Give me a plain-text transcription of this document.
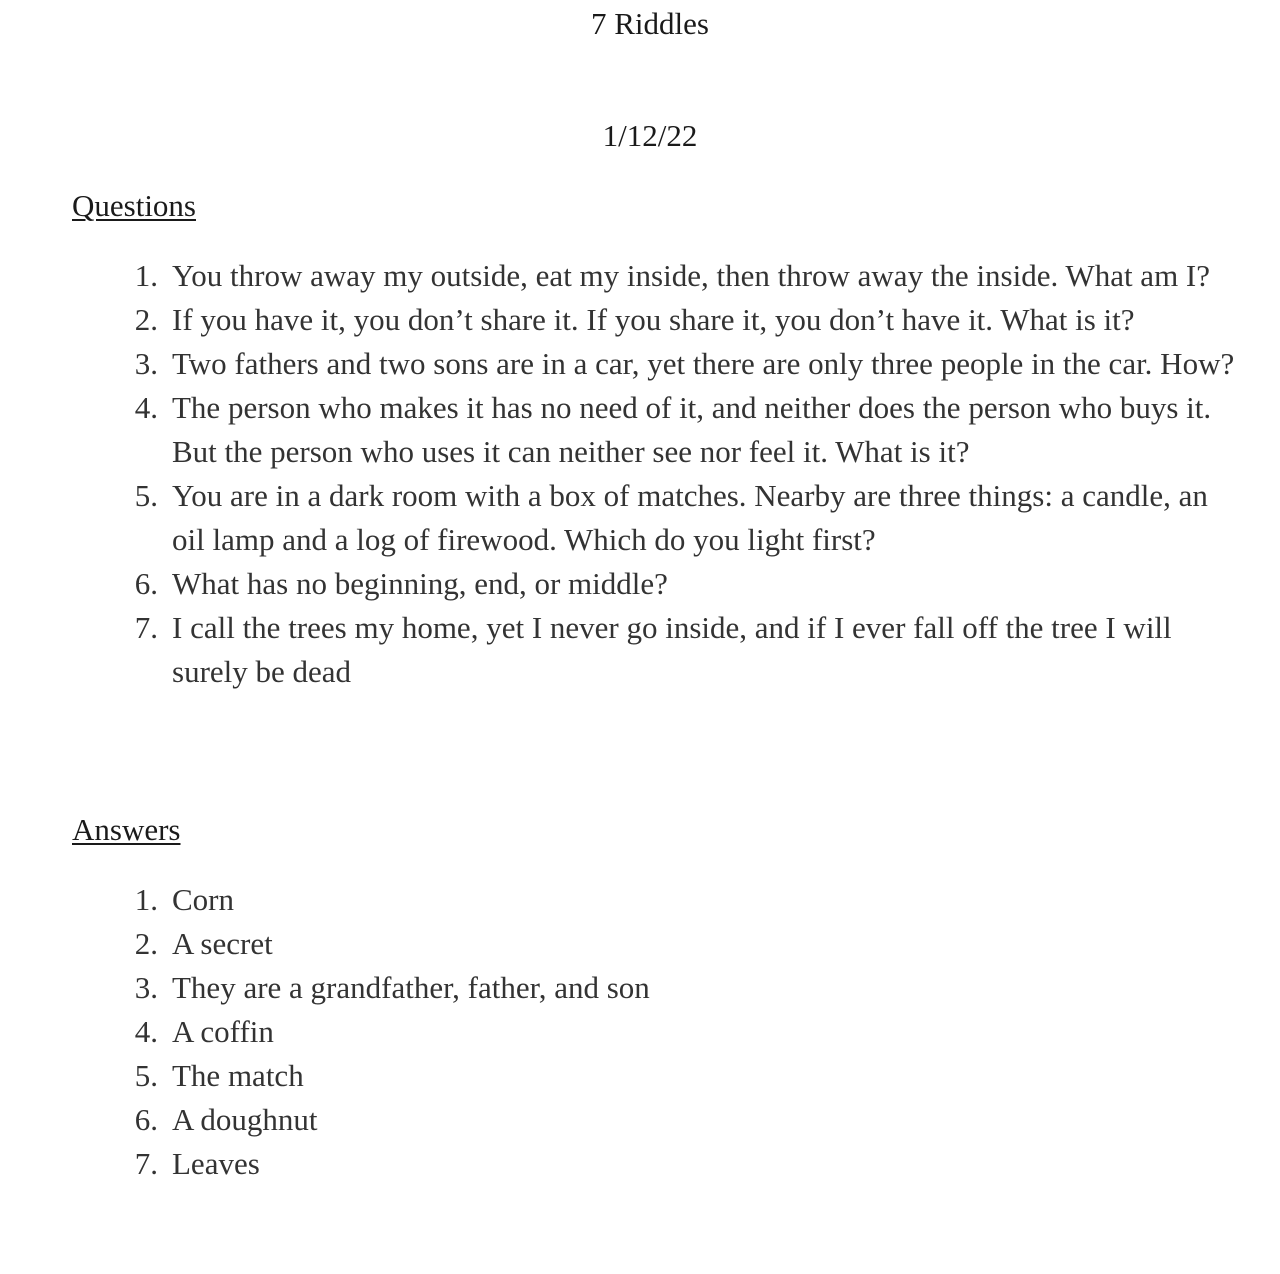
7 Riddles
1/12/22
Questions
1. You throw away my outside, eat my inside, then throw away the inside. What am I?
2. If you have it, you don’t share it. If you share it, you don’t have it. What is it?
3. Two fathers and two sons are in a car, yet there are only three people in the car. How?
4. The person who makes it has no need of it, and neither does the person who buys it. But the person who uses it can neither see nor feel it. What is it?
5. You are in a dark room with a box of matches. Nearby are three things: a candle, an oil lamp and a log of firewood. Which do you light first?
6. What has no beginning, end, or middle?
7. I call the trees my home, yet I never go inside, and if I ever fall off the tree I will surely be dead
Answers
1. Corn
2. A secret
3. They are a grandfather, father, and son
4. A coffin
5. The match
6. A doughnut
7. Leaves
